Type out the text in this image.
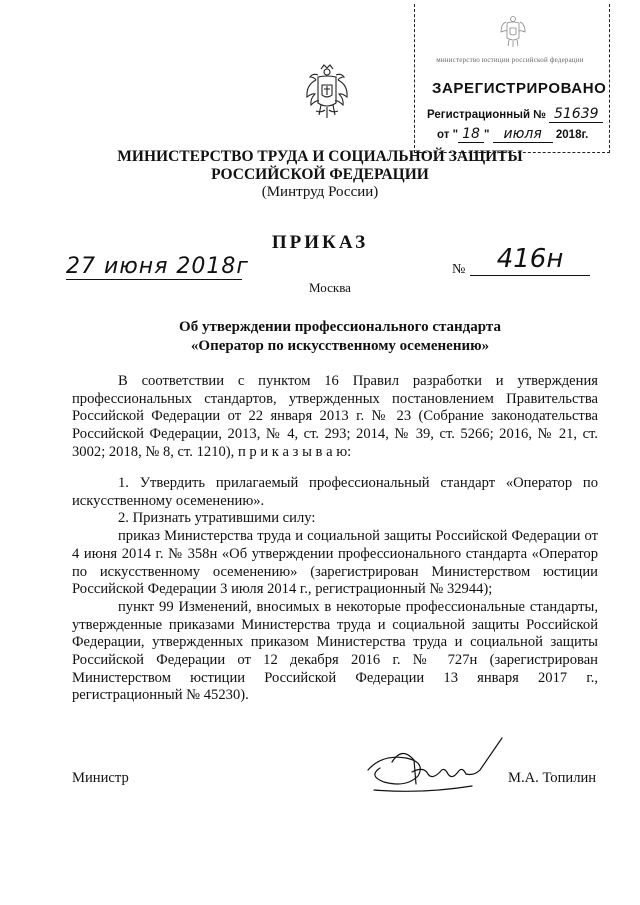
министерство юстиции российской федерации
ЗАРЕГИСТРИРОВАНО
Регистрационный № 51639
от " 18 " июля 2018г.
МИНИСТЕРСТВО ТРУДА И СОЦИАЛЬНОЙ ЗАЩИТЫ
РОССИЙСКОЙ ФЕДЕРАЦИИ
(Минтруд России)
ПРИКАЗ
27 июня 2018г	№	416н
Москва
Об утверждении профессионального стандарта
«Оператор по искусственному осеменению»

В соответствии с пунктом 16 Правил разработки и утверждения профессиональных стандартов, утвержденных постановлением Правительства Российской Федерации от 22 января 2013 г. № 23 (Собрание законодательства Российской Федерации, 2013, № 4, ст. 293; 2014, № 39, ст. 5266; 2016, № 21, ст. 3002; 2018, № 8, ст. 1210), п р и к а з ы в а ю:

1. Утвердить прилагаемый профессиональный стандарт «Оператор по искусственному осеменению».

2. Признать утратившими силу:

приказ Министерства труда и социальной защиты Российской Федерации от 4 июня 2014 г. № 358н «Об утверждении профессионального стандарта «Оператор по искусственному осеменению» (зарегистрирован Министерством юстиции Российской Федерации 3 июля 2014 г., регистрационный № 32944);

пункт 99 Изменений, вносимых в некоторые профессиональные стандарты, утвержденные приказами Министерства труда и социальной защиты Российской Федерации, утвержденных приказом Министерства труда и социальной защиты Российской Федерации от 12 декабря 2016 г. № 727н (зарегистрирован Министерством юстиции Российской Федерации 13 января 2017 г., регистрационный № 45230).

Министр	М.А. Топилин
